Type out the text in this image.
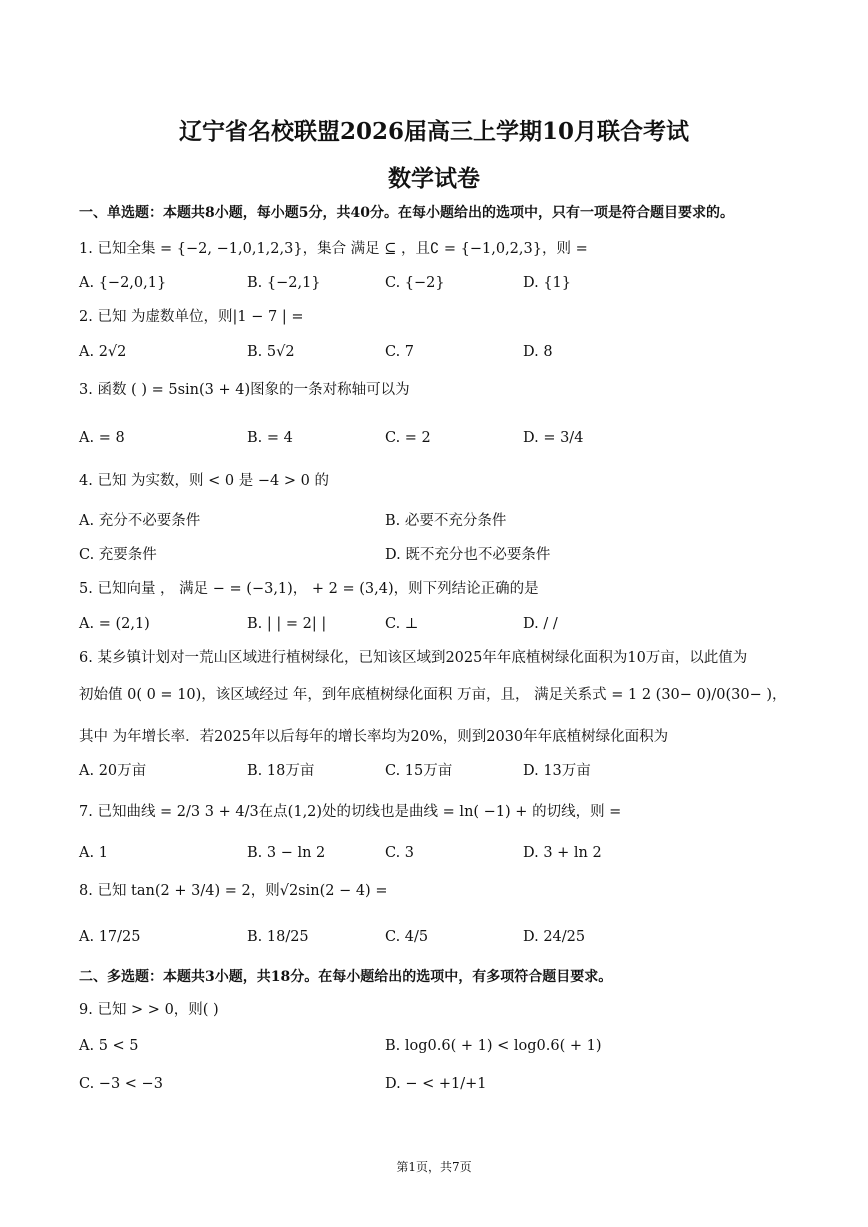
辽宁省名校联盟2026届高三上学期10月联合考试
数学试卷
一、单选题：本题共8小题，每小题5分，共40分。在每小题给出的选项中，只有一项是符合题目要求的。
1. 已知全集 = {−2, −1,0,1,2,3}，集合 满足 ⊆ ，且∁ = {−1,0,2,3}，则 =
A. {−2,0,1}	B. {−2,1}	C. {−2}	D. {1}
2. 已知 为虚数单位，则|1 − 7 | =
A. 2√2	B. 5√2	C. 7	D. 8
3. 函数 ( ) = 5sin(3 + 4)图象的一条对称轴可以为
A. = 8	B. = 4	C. = 2	D. = 3/4
4. 已知 为实数，则 < 0 是 −4 > 0 的
A. 充分不必要条件	B. 必要不充分条件
C. 充要条件	D. 既不充分也不必要条件
5. 已知向量 ， 满足 − = (−3,1)， + 2 = (3,4)，则下列结论正确的是
A. = (2,1)	B. | | = 2| |	C. ⊥	D. / /
6. 某乡镇计划对一荒山区域进行植树绿化，已知该区域到2025年年底植树绿化面积为10万亩，以此值为
初始值 0( 0 = 10)，该区域经过 年，到年底植树绿化面积 万亩，且， 满足关系式 = 1 2 (30− 0)/0(30− )，
其中 为年增长率．若2025年以后每年的增长率均为20%，则到2030年年底植树绿化面积为
A. 20万亩	B. 18万亩	C. 15万亩	D. 13万亩
7. 已知曲线 = 2/3 3 + 4/3在点(1,2)处的切线也是曲线 = ln( −1) + 的切线，则 =
A. 1	B. 3 − ln 2	C. 3	D. 3 + ln 2
8. 已知 tan(2 + 3/4) = 2，则√2sin(2 − 4) =
A. 17/25	B. 18/25	C. 4/5	D. 24/25
二、多选题：本题共3小题，共18分。在每小题给出的选项中，有多项符合题目要求。
9. 已知 > > 0，则( )
A. 5 < 5	B. log0.6( + 1) < log0.6( + 1)
C. −3 < −3	D. − < +1/+1
第1页，共7页
